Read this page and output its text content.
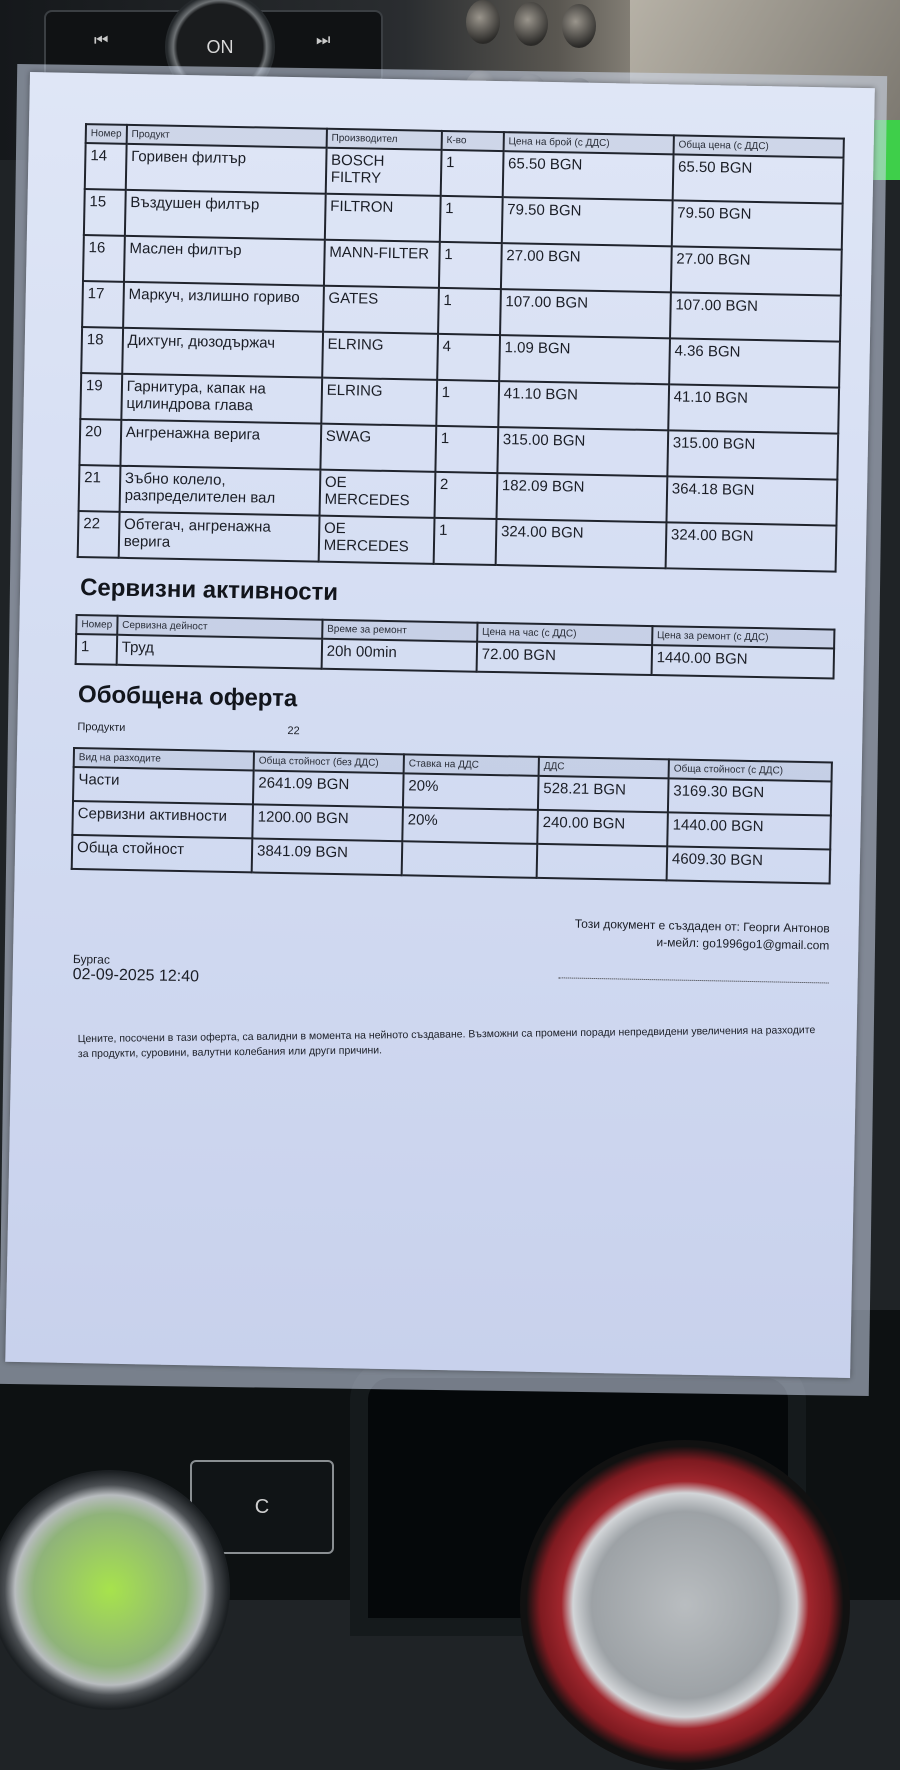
⏮	⏭
ON
C
Номер	Продукт	Производител	К-во	Цена на брой (с ДДС)	Обща цена (с ДДС)
14	Горивен филтър	BOSCH FILTRY	1	65.50 BGN	65.50 BGN
15	Въздушен филтър	FILTRON	1	79.50 BGN	79.50 BGN
16	Маслен филтър	MANN-FILTER	1	27.00 BGN	27.00 BGN
17	Маркуч, излишно гориво	GATES	1	107.00 BGN	107.00 BGN
18	Дихтунг, дюзодържач	ELRING	4	1.09 BGN	4.36 BGN
19	Гарнитура, капак на цилиндрова глава	ELRING	1	41.10 BGN	41.10 BGN
20	Ангренажна верига	SWAG	1	315.00 BGN	315.00 BGN
21	Зъбно колело, разпределителен вал	OE MERCEDES	2	182.09 BGN	364.18 BGN
22	Обтегач, ангренажна верига	OE MERCEDES	1	324.00 BGN	324.00 BGN
Сервизни активности
Номер	Сервизна дейност	Време за ремонт	Цена на час (с ДДС)	Цена за ремонт (с ДДС)
1	Труд	20h 00min	72.00 BGN	1440.00 BGN
Обобщена оферта
Продукти	22
Вид на разходите	Обща стойност (без ДДС)	Ставка на ДДС	ДДС	Обща стойност (с ДДС)
Части	2641.09 BGN	20%	528.21 BGN	3169.30 BGN
Сервизни активности	1200.00 BGN	20%	240.00 BGN	1440.00 BGN
Обща стойност	3841.09 BGN			4609.30 BGN
Този документ е създаден от: Георги Антонов
и-мейл: go1996go1@gmail.com
Бургас
02-09-2025 12:40
Цените, посочени в тази оферта, са валидни в момента на нейното създаване. Възможни са промени поради непредвидени увеличения на разходите за продукти, суровини, валутни колебания или други причини.
